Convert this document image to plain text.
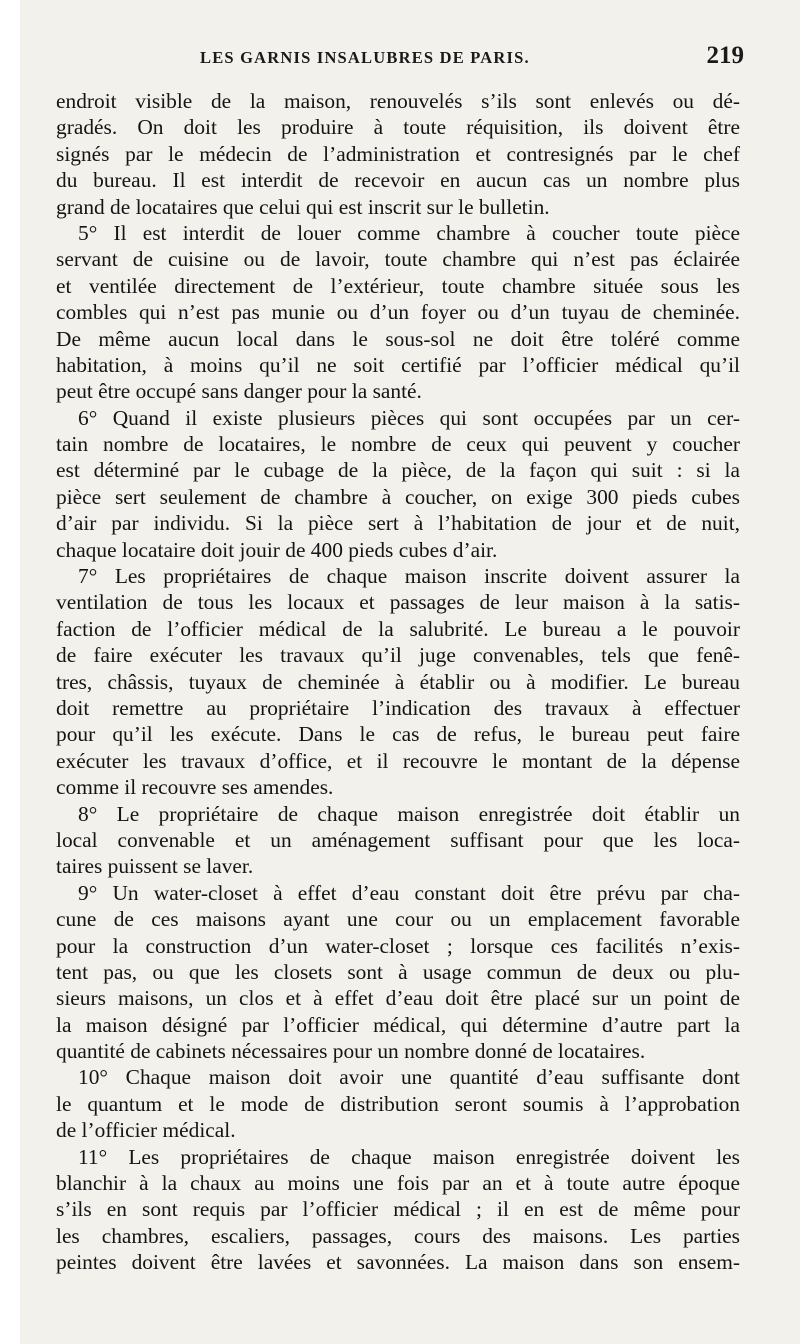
LES GARNIS INSALUBRES DE PARIS.	219
endroit visible de la maison, renouvelés s’ils sont enlevés ou dé-
gradés. On doit les produire à toute réquisition, ils doivent être
signés par le médecin de l’administration et contresignés par le chef
du bureau. Il est interdit de recevoir en aucun cas un nombre plus
grand de locataires que celui qui est inscrit sur le bulletin.
5° Il est interdit de louer comme chambre à coucher toute pièce
servant de cuisine ou de lavoir, toute chambre qui n’est pas éclairée
et ventilée directement de l’extérieur, toute chambre située sous les
combles qui n’est pas munie ou d’un foyer ou d’un tuyau de cheminée.
De même aucun local dans le sous-sol ne doit être toléré comme
habitation, à moins qu’il ne soit certifié par l’officier médical qu’il
peut être occupé sans danger pour la santé.
6° Quand il existe plusieurs pièces qui sont occupées par un cer-
tain nombre de locataires, le nombre de ceux qui peuvent y coucher
est déterminé par le cubage de la pièce, de la façon qui suit : si la
pièce sert seulement de chambre à coucher, on exige 300 pieds cubes
d’air par individu. Si la pièce sert à l’habitation de jour et de nuit,
chaque locataire doit jouir de 400 pieds cubes d’air.
7° Les propriétaires de chaque maison inscrite doivent assurer la
ventilation de tous les locaux et passages de leur maison à la satis-
faction de l’officier médical de la salubrité. Le bureau a le pouvoir
de faire exécuter les travaux qu’il juge convenables, tels que fenê-
tres, châssis, tuyaux de cheminée à établir ou à modifier. Le bureau
doit remettre au propriétaire l’indication des travaux à effectuer
pour qu’il les exécute. Dans le cas de refus, le bureau peut faire
exécuter les travaux d’office, et il recouvre le montant de la dépense
comme il recouvre ses amendes.
8° Le propriétaire de chaque maison enregistrée doit établir un
local convenable et un aménagement suffisant pour que les loca-
taires puissent se laver.
9° Un water-closet à effet d’eau constant doit être prévu par cha-
cune de ces maisons ayant une cour ou un emplacement favorable
pour la construction d’un water-closet ; lorsque ces facilités n’exis-
tent pas, ou que les closets sont à usage commun de deux ou plu-
sieurs maisons, un clos et à effet d’eau doit être placé sur un point de
la maison désigné par l’officier médical, qui détermine d’autre part la
quantité de cabinets nécessaires pour un nombre donné de locataires.
10° Chaque maison doit avoir une quantité d’eau suffisante dont
le quantum et le mode de distribution seront soumis à l’approbation
de l’officier médical.
11° Les propriétaires de chaque maison enregistrée doivent les
blanchir à la chaux au moins une fois par an et à toute autre époque
s’ils en sont requis par l’officier médical ; il en est de même pour
les chambres, escaliers, passages, cours des maisons. Les parties
peintes doivent être lavées et savonnées. La maison dans son ensem-
